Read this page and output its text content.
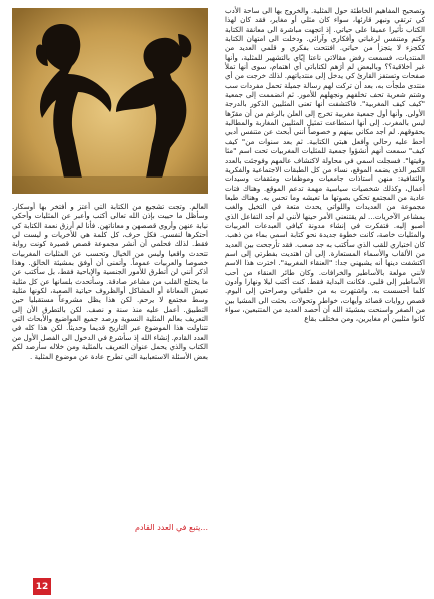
وتصحيح المفاهيم الخاطئة حول المثلية. والخروج بها الى ساحة الأدب كي ترتقي ونبهر قارئها، سواء كان مثلي أو مغاير، فقد كان لهذا الكتاب تأثيرا عميقا على حياتي. إذ اتجهت مباشرة الى معانقة الكتابة وكتم ومتنفس لرغباتي وأفكاري وآرائي. ودخلت الى امتهان الكتابة ككجزء لا يتجزأ من حياتي. افتتحت بفكري و قلمي العديد من المنتديات، فسمعت رفض مقالاتي ناعتا إيّاي بالتشهير للمثلية، وأنها غير أخلاقية؟؟ وبالبعض لم أرَهم لكتاباتي أي اهتمام، سوى أنها تملأ صفحات وتستفز القارئ كي يدخل إلى منتدياتهم. لذلك خرجت من أي منتدى ملجأت به، بعد أن تركت لهم رسالة جميلة تحمل مفردات سب وشتم شعرية تحف تخلفهم ونجهلهم للأمور. ثم انضممت إلى جمعية "كيف كيف المغربية". فاكتشفت أنها تعنى المثليين الذكور بالدرجة الأولى. وأنها أول جمعية مغربية تخرج إلى العلن بالرغم من أن مقرّها ليس بالمغرب. إلى أنها استطاعت تمثيل المثليين المغاربة والمطالبة بحقوقهم. لم أجد مكاني بينهم و خصوصاً أنني أبحث عن متنفس أدبي أحط عليه رحالي وأفعل هبتي الكتابية. ثم بعد سنوات من" كيف كيف" سمعت أنهم أنشؤوا جمعية للمثليات المغربيات تحت اسم "مثا وقيتها". فسجلت اسمي في محاولة لاكتشاف عالمهم وفوجئت بالعدد الكبير الذي يضمه الموقع، نساء من كل الطبقات الاجتماعية والفكرية والثقافية: منهن أستاذات جامعيات وموظفات ومثقفات وسيدات أعمال، وكذلك شخصيات سياسية مهمة تدعم الموقع. وهناك فتات عادية من المجتمع تحكي بصوتها ما تعيشه وما تحس به. وهناك طبعا مجموعة من العديدات واللواتي يحدث متعة في التخيل والغب بمشاعر الآخريات... لم يقتنعني الأمر حينها لأنني لم أجد التفاعل الذي أصبو إليه. فتفكرت في إنشاء مدونة كيافي العبدعات العربيات والمثليات خاصة، كانت خطوة جديدة نحو كتابة اسمي بماء من ذهب. كان اختياري للقب الذي سأكتب به جد صعب. فقد تأرجحت بين العديد من الألقاب والأسماء المستعارة. إلى أن اهتديت بفطرتي إلى اسم اكتشفت دينها أنه يشبهني جدا: "العنقاء المغربية". اخترت هذا الاسم لأنني مولعة بالأساطير والخرافات. وكان طائر العنقاء من أحب الأساطير إلى قلبي. فكانت البداية فقط. كنت أكتب ليلا ونهارا وأدون كلما أحسست به. واشتهرت به من خلفياتي وصراحتي إلى اليوم. قصص روايات قصائد وأيهات، خواطر وتحولات. بحثت الى المشيا بين من الصغر واسنحت بمشيئة الله أن أحصد العديد من المتتبعين، سواء كانوا مثليين أم مغايرين، ومن مختلف بقاع

العالم. وتجت تشجيع من الكتابة التي أعتز و أفتخر بها أوسكار. وسأظل ما حييت بإذن الله تعالى أكتب وأعبر عن المثليات وأحكي نيابة عنهن وأروي قصصهن و معاناتهن. فأنا لم أرزق نعمة الكتابة كي أحتكرها لنفسي. فكل حرف، كل كلمة هي للأخريات و ليست لي فقط. لذلك فحلمي أن أنشر مجموعة قصص قصيرة كونت رواية تتحدث واقعيا وليس من الخيال وتحسب عن المثليات المغربيات خصوصا والعربيات عموماً. وأتمنى أن أوفق بمشيئة الخالق. وهذا أذكر أنني لن أتطرق للأمور الجنسية والإباحية فقط، بل سأكتب عن ما يختلج القلب من مشاعر صادقة. وسأتحدث بلسانها عن كل مثلية تعيش المعاناة أو المشاكل أوالظروف حياتية الصعبة، لكونها مثلية وسط مجتمع لا يرحم. لكن هذا يظل مشروعاً مستقبليا حين التطبيق. أعمل عليه منذ سنة و نصف. لكن بالتطرق الأن إلى التعريف بعالم المثلية النسوية ورصد جميع المواضيع والأبحاث التي تتناولت هذا الموضوع عبر التاريخ قديما وحديثاً. لكن هذا كله في العدد القادم. إنشاء الله إذ سأشرع في الدخول الى الفصل الأول من الكتاب والذي يحمل عنوان التعريف بالمثلية ومن خلاله سأرصد لكم بعض الأسئلة الاستعبابية التي تطرح عادة عن موضوع المثلية .

...يتبع في العدد القادم

12
